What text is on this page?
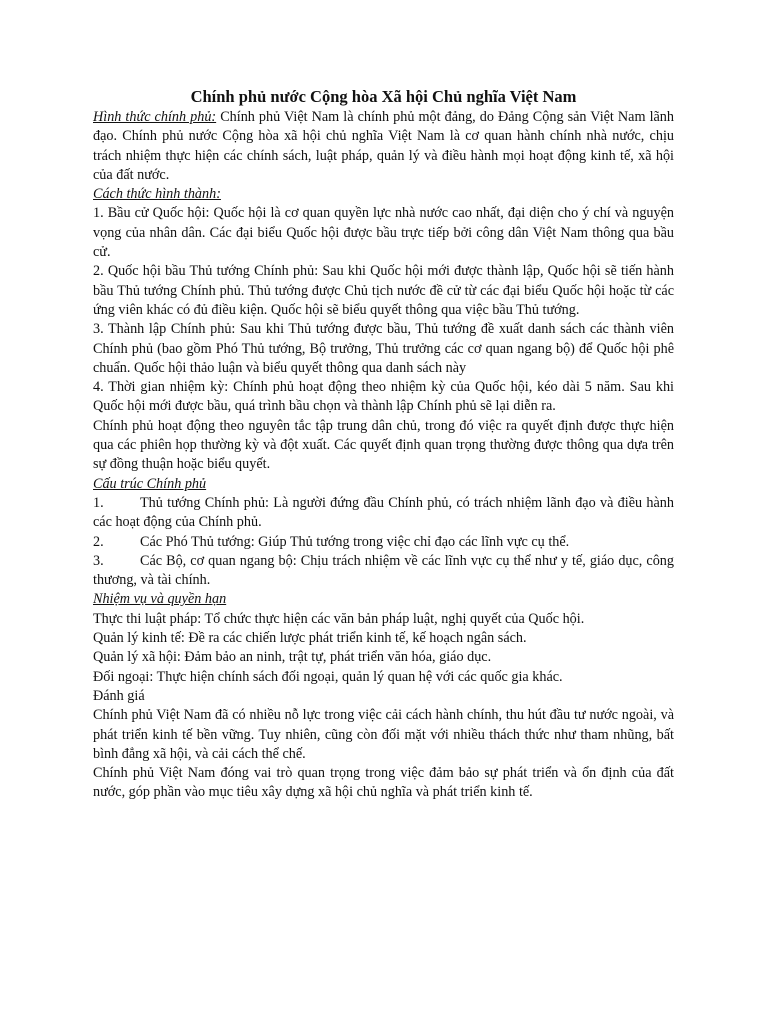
Chính phủ nước Cộng hòa Xã hội Chủ nghĩa Việt Nam

Hình thức chính phủ: Chính phủ Việt Nam là chính phủ một đảng, do Đảng Cộng sản Việt Nam lãnh đạo. Chính phủ nước Cộng hòa xã hội chủ nghĩa Việt Nam là cơ quan hành chính nhà nước, chịu trách nhiệm thực hiện các chính sách, luật pháp, quản lý và điều hành mọi hoạt động kinh tế, xã hội của đất nước.

Cách thức hình thành:

1. Bầu cử Quốc hội: Quốc hội là cơ quan quyền lực nhà nước cao nhất, đại diện cho ý chí và nguyện vọng của nhân dân. Các đại biểu Quốc hội được bầu trực tiếp bởi công dân Việt Nam thông qua bầu cử.

2. Quốc hội bầu Thủ tướng Chính phủ: Sau khi Quốc hội mới được thành lập, Quốc hội sẽ tiến hành bầu Thủ tướng Chính phủ. Thủ tướng được Chủ tịch nước đề cử từ các đại biểu Quốc hội hoặc từ các ứng viên khác có đủ điều kiện. Quốc hội sẽ biểu quyết thông qua việc bầu Thủ tướng.

3. Thành lập Chính phủ: Sau khi Thủ tướng được bầu, Thủ tướng đề xuất danh sách các thành viên Chính phủ (bao gồm Phó Thủ tướng, Bộ trưởng, Thủ trưởng các cơ quan ngang bộ) để Quốc hội phê chuẩn. Quốc hội thảo luận và biểu quyết thông qua danh sách này

4. Thời gian nhiệm kỳ: Chính phủ hoạt động theo nhiệm kỳ của Quốc hội, kéo dài 5 năm. Sau khi Quốc hội mới được bầu, quá trình bầu chọn và thành lập Chính phủ sẽ lại diễn ra.

Chính phủ hoạt động theo nguyên tắc tập trung dân chủ, trong đó việc ra quyết định được thực hiện qua các phiên họp thường kỳ và đột xuất. Các quyết định quan trọng thường được thông qua dựa trên sự đồng thuận hoặc biểu quyết.

Cấu trúc Chính phủ

1.	Thủ tướng Chính phủ: Là người đứng đầu Chính phủ, có trách nhiệm lãnh đạo và điều hành các hoạt động của Chính phủ.

2.	Các Phó Thủ tướng: Giúp Thủ tướng trong việc chỉ đạo các lĩnh vực cụ thể.

3.	Các Bộ, cơ quan ngang bộ: Chịu trách nhiệm về các lĩnh vực cụ thể như y tế, giáo dục, công thương, và tài chính.

Nhiệm vụ và quyền hạn

Thực thi luật pháp: Tổ chức thực hiện các văn bản pháp luật, nghị quyết của Quốc hội.

Quản lý kinh tế: Đề ra các chiến lược phát triển kinh tế, kế hoạch ngân sách.

Quản lý xã hội: Đảm bảo an ninh, trật tự, phát triển văn hóa, giáo dục.

Đối ngoại: Thực hiện chính sách đối ngoại, quản lý quan hệ với các quốc gia khác.

Đánh giá

Chính phủ Việt Nam đã có nhiều nỗ lực trong việc cải cách hành chính, thu hút đầu tư nước ngoài, và phát triển kinh tế bền vững. Tuy nhiên, cũng còn đối mặt với nhiều thách thức như tham nhũng, bất bình đẳng xã hội, và cải cách thể chế.

Chính phủ Việt Nam đóng vai trò quan trọng trong việc đảm bảo sự phát triển và ổn định của đất nước, góp phần vào mục tiêu xây dựng xã hội chủ nghĩa và phát triển kinh tế.
